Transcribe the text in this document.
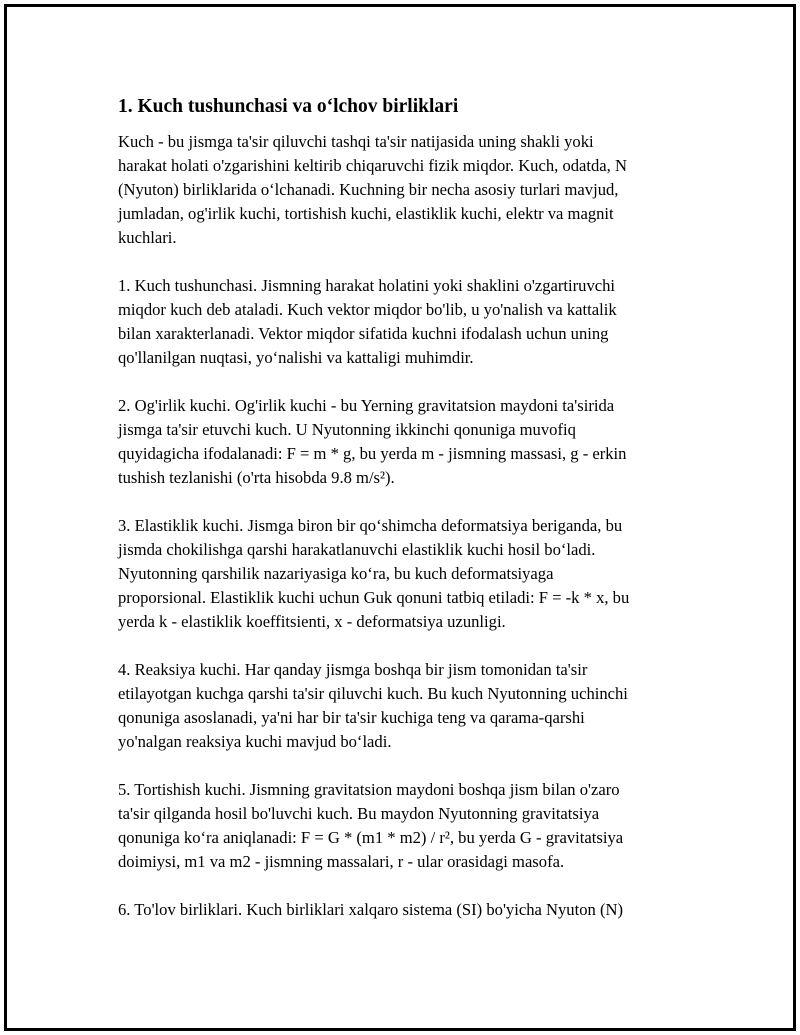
1. Kuch tushunchasi va o‘lchov birliklari
Kuch - bu jismga ta'sir qiluvchi tashqi ta'sir natijasida uning shakli yoki
harakat holati o'zgarishini keltirib chiqaruvchi fizik miqdor. Kuch, odatda, N
(Nyuton) birliklarida o‘lchanadi. Kuchning bir necha asosiy turlari mavjud,
jumladan, og'irlik kuchi, tortishish kuchi, elastiklik kuchi, elektr va magnit
kuchlari.
1. Kuch tushunchasi. Jismning harakat holatini yoki shaklini o'zgartiruvchi
miqdor kuch deb ataladi. Kuch vektor miqdor bo'lib, u yo'nalish va kattalik
bilan xarakterlanadi. Vektor miqdor sifatida kuchni ifodalash uchun uning
qo'llanilgan nuqtasi, yo‘nalishi va kattaligi muhimdir.
2. Og'irlik kuchi. Og'irlik kuchi - bu Yerning gravitatsion maydoni ta'sirida
jismga ta'sir etuvchi kuch. U Nyutonning ikkinchi qonuniga muvofiq
quyidagicha ifodalanadi: F = m * g, bu yerda m - jismning massasi, g - erkin
tushish tezlanishi (o'rta hisobda 9.8 m/s²).
3. Elastiklik kuchi. Jismga biron bir qo‘shimcha deformatsiya beriganda, bu
jismda chokilishga qarshi harakatlanuvchi elastiklik kuchi hosil bo‘ladi.
Nyutonning qarshilik nazariyasiga ko‘ra, bu kuch deformatsiyaga
proporsional. Elastiklik kuchi uchun Guk qonuni tatbiq etiladi: F = -k * x, bu
yerda k - elastiklik koeffitsienti, x - deformatsiya uzunligi.
4. Reaksiya kuchi. Har qanday jismga boshqa bir jism tomonidan ta'sir
etilayotgan kuchga qarshi ta'sir qiluvchi kuch. Bu kuch Nyutonning uchinchi
qonuniga asoslanadi, ya'ni har bir ta'sir kuchiga teng va qarama-qarshi
yo'nalgan reaksiya kuchi mavjud bo‘ladi.
5. Tortishish kuchi. Jismning gravitatsion maydoni boshqa jism bilan o'zaro
ta'sir qilganda hosil bo'luvchi kuch. Bu maydon Nyutonning gravitatsiya
qonuniga ko‘ra aniqlanadi: F = G * (m1 * m2) / r², bu yerda G - gravitatsiya
doimiysi, m1 va m2 - jismning massalari, r - ular orasidagi masofa.
6. To'lov birliklari. Kuch birliklari xalqaro sistema (SI) bo'yicha Nyuton (N)
